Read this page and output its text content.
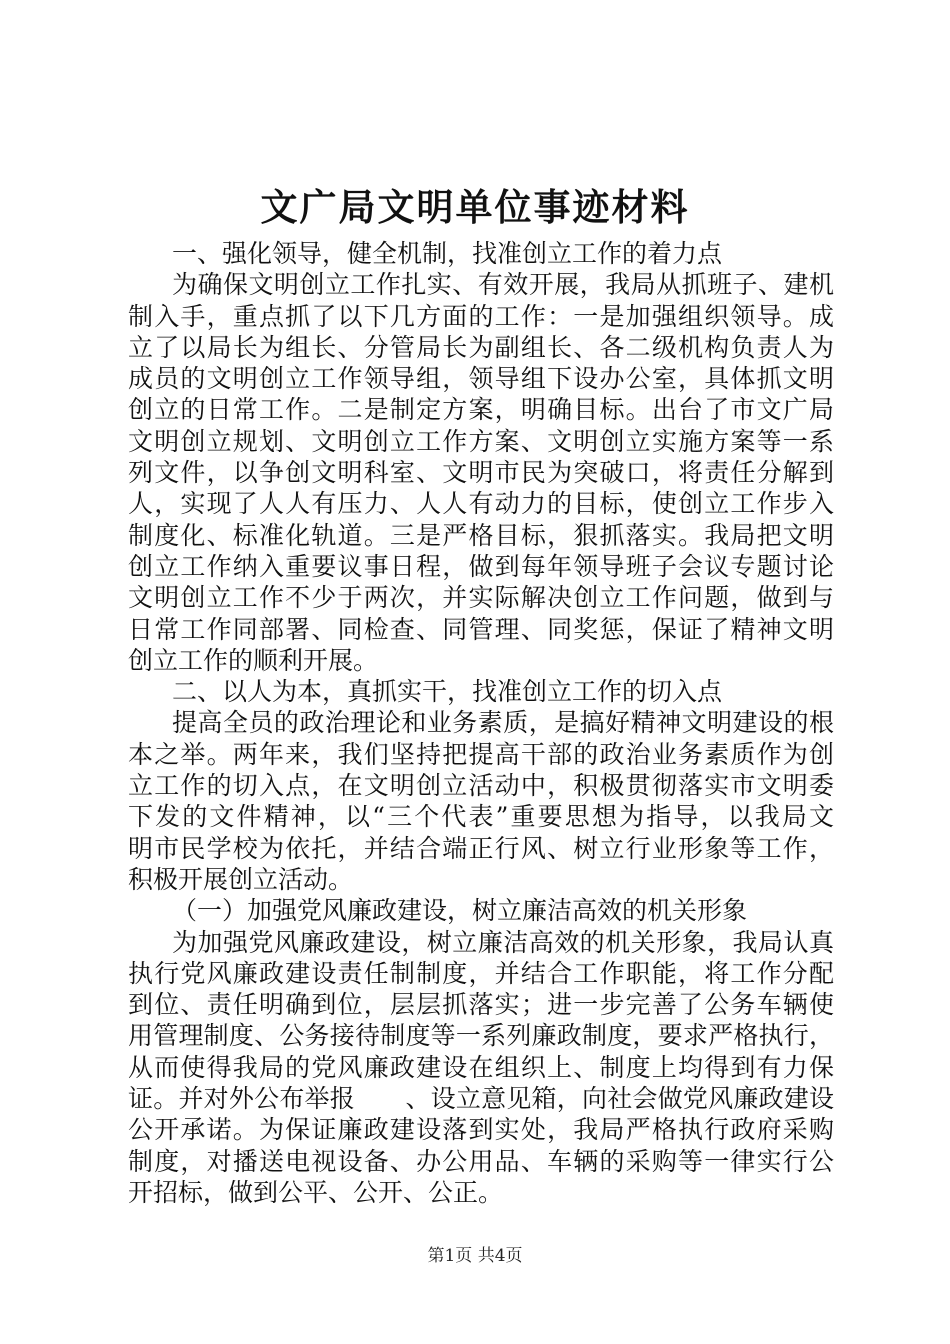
文广局文明单位事迹材料
一、强化领导，健全机制，找准创立工作的着力点
为确保文明创立工作扎实、有效开展，我局从抓班子、建机
制入手，重点抓了以下几方面的工作：一是加强组织领导。成
立了以局长为组长、分管局长为副组长、各二级机构负责人为
成员的文明创立工作领导组，领导组下设办公室，具体抓文明
创立的日常工作。二是制定方案，明确目标。出台了市文广局
文明创立规划、文明创立工作方案、文明创立实施方案等一系
列文件，以争创文明科室、文明市民为突破口，将责任分解到
人，实现了人人有压力、人人有动力的目标，使创立工作步入
制度化、标准化轨道。三是严格目标，狠抓落实。我局把文明
创立工作纳入重要议事日程，做到每年领导班子会议专题讨论
文明创立工作不少于两次，并实际解决创立工作问题，做到与
日常工作同部署、同检查、同管理、同奖惩，保证了精神文明
创立工作的顺利开展。
二、以人为本，真抓实干，找准创立工作的切入点
提高全员的政治理论和业务素质，是搞好精神文明建设的根
本之举。两年来，我们坚持把提高干部的政治业务素质作为创
立工作的切入点，在文明创立活动中，积极贯彻落实市文明委
下发的文件精神，以“三个代表”重要思想为指导，以我局文
明市民学校为依托，并结合端正行风、树立行业形象等工作，
积极开展创立活动。
（一）加强党风廉政建设，树立廉洁高效的机关形象
为加强党风廉政建设，树立廉洁高效的机关形象，我局认真
执行党风廉政建设责任制制度，并结合工作职能，将工作分配
到位、责任明确到位，层层抓落实；进一步完善了公务车辆使
用管理制度、公务接待制度等一系列廉政制度，要求严格执行，
从而使得我局的党风廉政建设在组织上、制度上均得到有力保
证。并对外公布举报　　、设立意见箱，向社会做党风廉政建设
公开承诺。为保证廉政建设落到实处，我局严格执行政府采购
制度，对播送电视设备、办公用品、车辆的采购等一律实行公
开招标，做到公平、公开、公正。
第1页 共4页
